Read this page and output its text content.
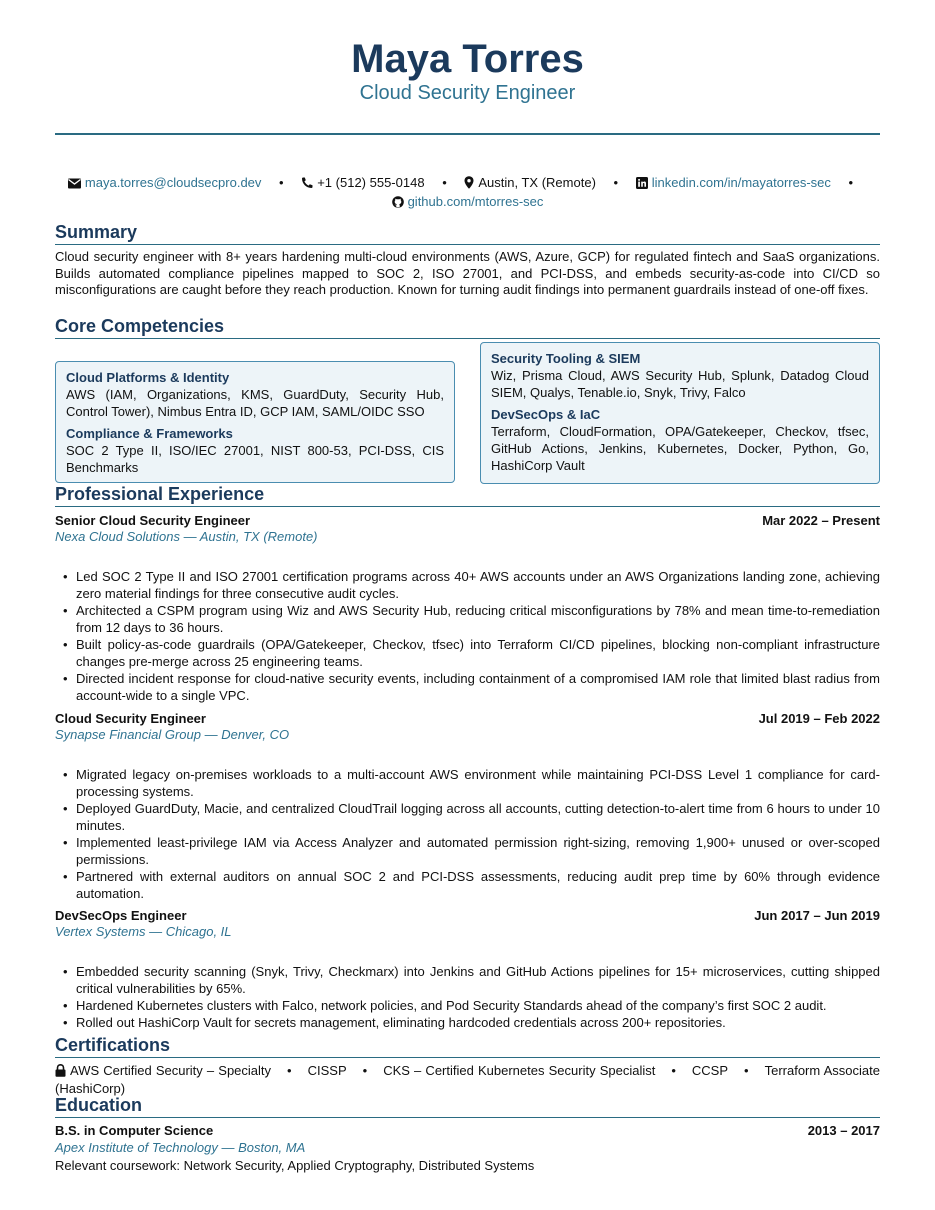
Maya Torres
Cloud Security Engineer
maya.torres@cloudsecpro.dev •	+1 (512) 555-0148 • Austin, TX (Remote) •	linkedin.com/in/mayatorres-sec •
github.com/mtorres-sec
Summary
Cloud security engineer with 8+ years hardening multi-cloud environments (AWS, Azure, GCP) for regulated fintech and SaaS organizations. Builds automated compliance pipelines mapped to SOC 2, ISO 27001, and PCI-DSS, and embeds security-as-code into CI/CD so misconfigurations are caught before they reach production. Known for turning audit findings into permanent guardrails instead of one-off fixes.
Core Competencies
Cloud Platforms & Identity

AWS (IAM, Organizations, KMS, GuardDuty, Security Hub, Control Tower), Nimbus Entra ID, GCP IAM, SAML/OIDC SSO

Compliance & Frameworks

SOC 2 Type II, ISO/IEC 27001, NIST 800-53, PCI-DSS, CIS Benchmarks

Security Tooling & SIEM

Wiz, Prisma Cloud, AWS Security Hub, Splunk, Datadog Cloud SIEM, Qualys, Tenable.io, Snyk, Trivy, Falco

DevSecOps & IaC

Terraform, CloudFormation, OPA/Gatekeeper, Checkov, tfsec, GitHub Actions, Jenkins, Kubernetes, Docker, Python, Go, HashiCorp Vault

Professional Experience
Senior Cloud Security Engineer	Mar 2022 – Present
Nexa Cloud Solutions — Austin, TX (Remote)
• Led SOC 2 Type II and ISO 27001 certification programs across 40+ AWS accounts under an AWS Organizations landing zone, achieving zero material findings for three consecutive audit cycles.
• Architected a CSPM program using Wiz and AWS Security Hub, reducing critical misconfigurations by 78% and mean time-to-remediation from 12 days to 36 hours.
• Built policy-as-code guardrails (OPA/Gatekeeper, Checkov, tfsec) into Terraform CI/CD pipelines, blocking non-compliant infrastructure changes pre-merge across 25 engineering teams.
• Directed incident response for cloud-native security events, including containment of a compromised IAM role that limited blast radius from account-wide to a single VPC.
Cloud Security Engineer	Jul 2019 – Feb 2022
Synapse Financial Group — Denver, CO
• Migrated legacy on-premises workloads to a multi-account AWS environment while maintaining PCI-DSS Level 1 compliance for card-processing systems.
• Deployed GuardDuty, Macie, and centralized CloudTrail logging across all accounts, cutting detection-to-alert time from 6 hours to under 10 minutes.
• Implemented least-privilege IAM via Access Analyzer and automated permission right-sizing, removing 1,900+ unused or over-scoped permissions.
• Partnered with external auditors on annual SOC 2 and PCI-DSS assessments, reducing audit prep time by 60% through evidence automation.
DevSecOps Engineer	Jun 2017 – Jun 2019
Vertex Systems — Chicago, IL
• Embedded security scanning (Snyk, Trivy, Checkmarx) into Jenkins and GitHub Actions pipelines for 15+ microservices, cutting shipped critical vulnerabilities by 65%.
• Hardened Kubernetes clusters with Falco, network policies, and Pod Security Standards ahead of the company’s first SOC 2 audit.
• Rolled out HashiCorp Vault for secrets management, eliminating hardcoded credentials across 200+ repositories.
Certifications
AWS Certified Security – Specialty • CISSP • CKS – Certified Kubernetes Security Specialist • CCSP • Terraform Associate (HashiCorp)
Education
B.S. in Computer Science	2013 – 2017
Apex Institute of Technology — Boston, MA
Relevant coursework: Network Security, Applied Cryptography, Distributed Systems
